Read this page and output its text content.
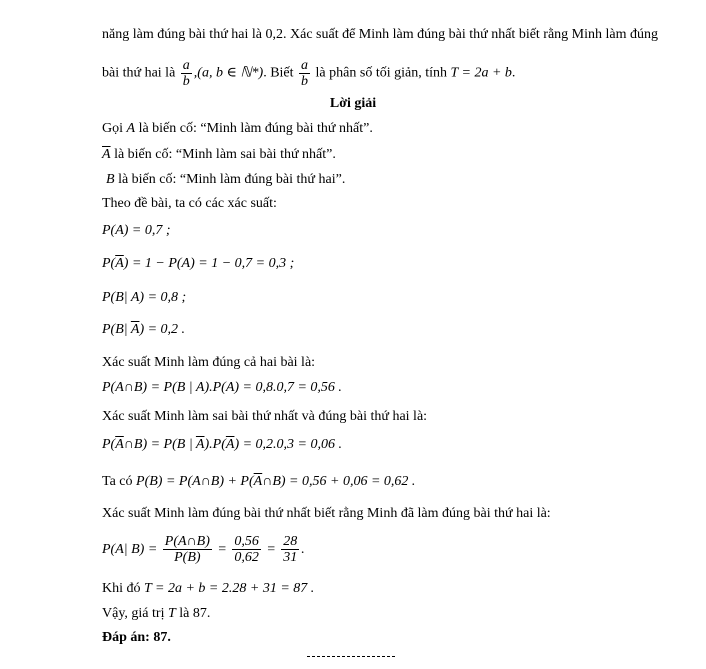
năng làm đúng bài thứ hai là 0,2. Xác suất để Minh làm đúng bài thứ nhất biết rằng Minh làm đúng
bài thứ hai là $\frac{a}{b} ,(a$, b ∈ ℕ*). Biết $\frac{a}{b}$ là phân số tối giản, tính T = 2a + b.
Lời giải
Gọi A là biến cố: “Minh làm đúng bài thứ nhất”.
$\overline{A}$ là biến cố: “Minh làm sai bài thứ nhất”.
B là biến cố: “Minh làm đúng bài thứ hai”.
Theo đề bài, ta có các xác suất:
P(A) = 0,7 ;
$P(\overline{A}) = 1 - P(A) = 1 - 0,7 = 0,3$ ;
P(B| A) = 0,8 ;
P(B| $\overline{A}) = 0,2$ .
Xác suất Minh làm đúng cả hai bài là:
P(A∩B) = P(B | A).P(A) = 0,8.0,7 = 0,56 .
Xác suất Minh làm sai bài thứ nhất và đúng bài thứ hai là:
$P(\overline{A}\cap B) = P(B$ | $\overline{A}).P(\overline{A}) = 0,2.0,3 = 0,06$ .
Ta có P(B) = P(A∩B) + $P(\overline{A}\cap B) = 0,56 + 0,06 = 0,62$ .
Xác suất Minh làm đúng bài thứ nhất biết rằng Minh đã làm đúng bài thứ hai là:
P(A| $B) = \frac{P(A\cap B)}{P(B)} = \frac{0,56}{0,62} = \frac{28}{31}$ .
Khi đó T = 2a + b = 2.28 + 31 = 87 .
Vậy, giá trị T là 87.
Đáp án: 87.
